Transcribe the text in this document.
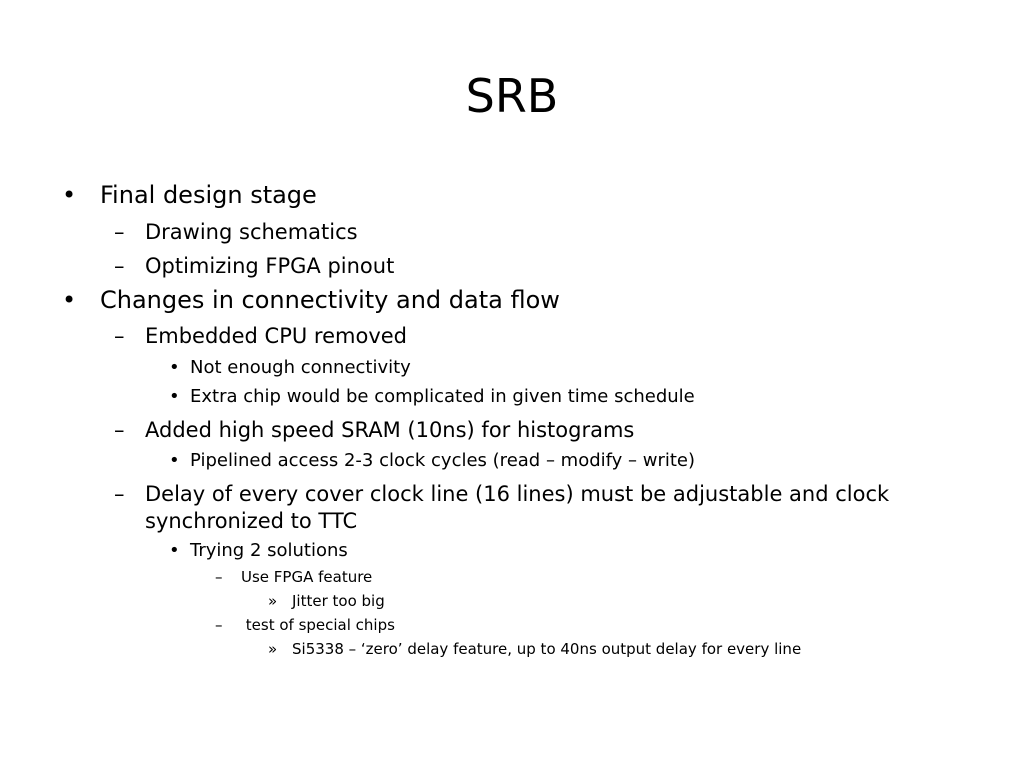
SRB
• Final design stage
– Drawing schematics
– Optimizing FPGA pinout
• Changes in connectivity and data flow
– Embedded CPU removed
• Not enough connectivity
• Extra chip would be complicated in given time schedule
– Added high speed SRAM (10ns) for histograms
• Pipelined access 2-3 clock cycles (read – modify – write)
– Delay of every cover clock line (16 lines) must be adjustable and clock
synchronized to TTC
• Trying 2 solutions
– Use FPGA feature
» Jitter too big
– test of special chips
» Si5338 – ‘zero’ delay feature, up to 40ns output delay for every line
